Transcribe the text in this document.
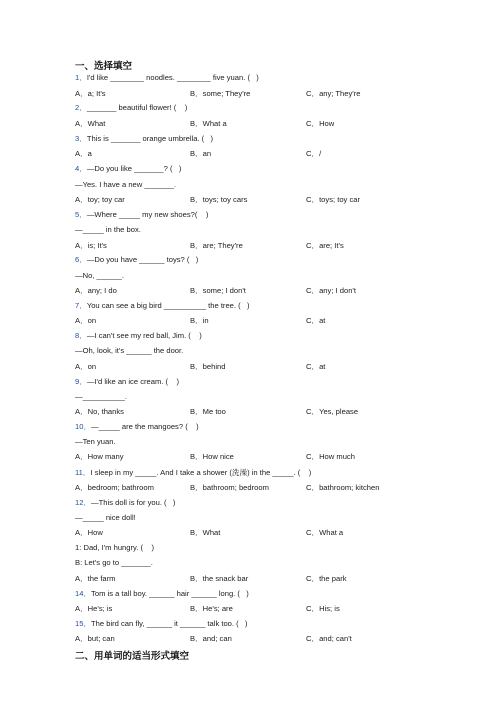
一、选择填空
1．I'd like ________ noodles. ________ five yuan. (   )
A．a; It's	B．some; They're	C．any; They're
2．_______ beautiful flower! (    )
A．What	B．What a	C．How
3．This is _______ orange umbrella. (   )
A．a	B．an	C．/
4．—Do you like _______? (   )
—Yes. I have a new _______.
A．toy; toy car	B．toys; toy cars	C．toys; toy car
5．—Where _____ my new shoes?(    )
—_____ in the box.
A．is; It's	B．are; They're	C．are; It's
6．—Do you have ______ toys? (   )
—No, ______.
A．any; I do	B．some; I don't	C．any; I don't
7．You can see a big bird __________ the tree. (   )
A．on	B．in	C．at
8．—I can't see my red ball, Jim. (    )
—Oh, look, it's ______ the door.
A．on	B．behind	C．at
9．—I'd like an ice cream. (    )
—__________.
A．No, thanks	B．Me too	C．Yes, please
10．—_____ are the mangoes? (    )
—Ten yuan.
A．How many	B．How nice	C．How much
11．I sleep in my _____. And I take a shower (洗澡) in the _____. (    )
A．bedroom; bathroom	B．bathroom; bedroom	C．bathroom; kitchen
12．—This doll is for you. (   )
—_____ nice doll!
A．How	B．What	C．What a
1: Dad, I'm hungry. (    )
B: Let's go to _______.
A．the farm	B．the snack bar	C．the park
14．Tom is a tall boy. ______ hair ______ long. (   )
A．He's; is	B．He's; are	C．His; is
15．The bird can fly, ______ it ______ talk too. (   )
A．but; can	B．and; can	C．and; can't
二、用单词的适当形式填空
